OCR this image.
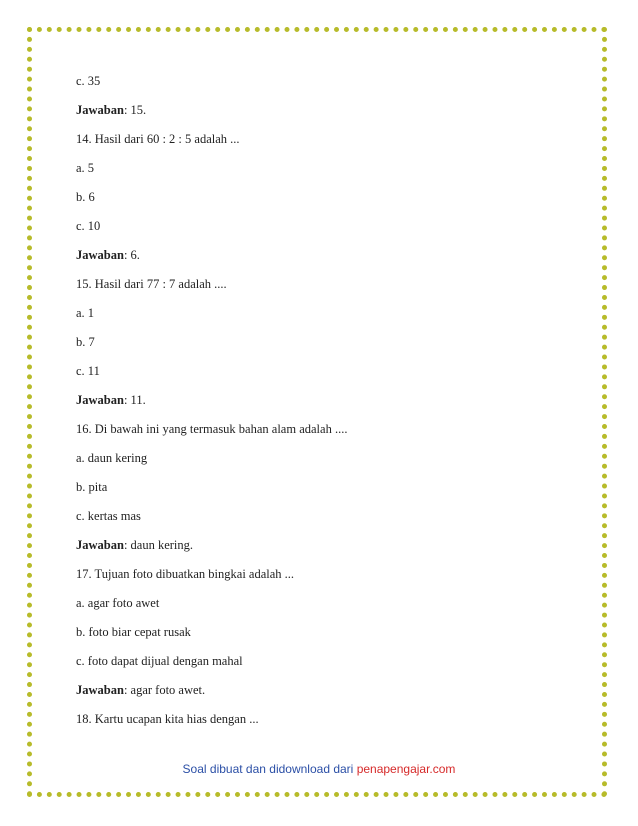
c. 35
Jawaban: 15.
14. Hasil dari 60 : 2 : 5 adalah ...
a. 5
b. 6
c. 10
Jawaban: 6.
15. Hasil dari 77 : 7 adalah ....
a. 1
b. 7
c. 11
Jawaban: 11.
16. Di bawah ini yang termasuk bahan alam adalah ....
a. daun kering
b. pita
c. kertas mas
Jawaban: daun kering.
17. Tujuan foto dibuatkan bingkai adalah ...
a. agar foto awet
b. foto biar cepat rusak
c. foto dapat dijual dengan mahal
Jawaban: agar foto awet.
18. Kartu ucapan kita hias dengan ...
Soal dibuat dan didownload dari penapengajar.com
